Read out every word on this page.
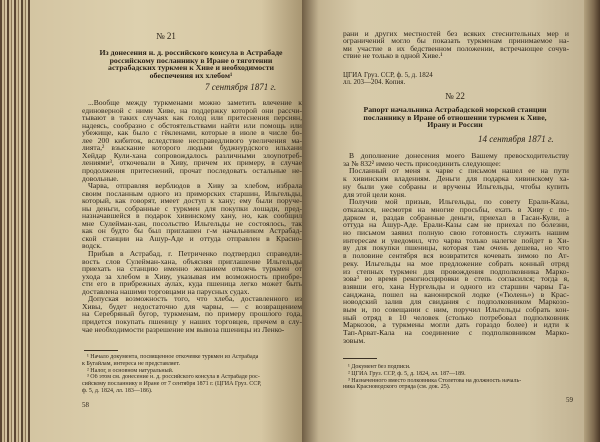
№ 21
Из донесения н. д. российского консула в Астрабаде
российскому посланнику в Иране о тяготении
астрабадских туркмен к Хиве и необходимости
обеспечения их хлебом¹
7 сентября 1871 г.
...Вообще между туркменами можно заметить влечение к
единоверной с ними Хиве, на поддержку которой они рассчи-
тывают в таких случаях как голод или притеснения персиян,
надеясь, сообразно с обстоятельствами найти или помощь или
убежище, как было с гёкленами, которые в июле в числе бо-
лее 200 кибиток, вследствие несправедливого увеличения ма-
лията,² взыскание которого людьми буджнурдского ильхани
Хейдар Кули-хана сопровождалось различными злоупотреб-
лениями³, откочевали в Хиву, причем их примеру, в случае
продолжения притеснений, прочат последовать остальные не-
довольные.
Чарва, отправляя верблюдов в Хиву за хлебом, избрала
своим посланным одного из приморских старшин, Ильгельды,
который, как говорят, имеет доступ к хану; ему были поруче-
ны деньги, собранные с туркмен для покупки лошади, пред-
назначавшейся в подарок хивинскому хану, но, как сообщил
мне Сулейман-хан, посольство Ильгельды не состоялось, так
как он будто бы был приглашен г-м начальником Астрабад-
ской станции на Ашур-Аде и оттуда отправлен в Красно-
водск.
Прибыв в Астрабад, г. Петриченко подтвердил справедли-
вость слов Сулейман-хана, объясняя приглашение Ильгельды
приехать на станцию именно желанием отвлечь туркмен от
ухода за хлебом в Хиву, указывая им возможность приобре-
сти его в прибрежных аулах, куда пшеница легко может быть
доставлена нашими торговцами на парусных судах.
Допуская возможность того, что хлеба, доставленного из
Хивы, будет недостаточно для чарвы, — с возвращением
на Серебряный бугор, туркменам, по примеру прошлого года,
придется покупать пшеницу у наших торговцев, причем в слу-
чае необходимости разрешение им вывоза пшеницы из Ленко-
¹ Начало документа, посвященное откочевке туркмен из Астрабада
к Бугайлам, интереса не представляет.
² Налог, в основном натуральный.
³ Об этом см. донесение н. д. российского консула в Астрабаде рос-
сийскому посланнику в Иране от 7 сентября 1871 г. (ЦГИА Груз. ССР,
ф. 5, д. 1824, лл. 183—186).
58
рани и других местностей без всяких стеснительных мер и
ограничений могло бы показать туркменам принимаемое на-
ми участие в их бедственном положении, встречающее сочув-
ствие не только в одной Хиве.¹
ЦГИА Груз. ССР, ф. 5, д. 1824
лл. 203—204. Копия.
№ 22
Рапорт начальника Астрабадской морской станции
посланнику в Иране об отношении туркмен к Хиве,
Ирану и России
14 сентября 1871 г.
В дополнение донесения моего Вашему превосходительству
за № 832² имею честь присоединить следующее:
Посланный от меня к чарве с письмом нашел ее на пути
к хивинским владениям. Деньги для подарка хивинскому ха-
ну были уже собраны и вручены Ильгельды, чтобы купить
для этой цели коня.
Получив мой призыв, Ильгельды, по совету Ерали-Казы,
отказался, несмотря на многие просьбы, ехать в Хиву с по-
дарком и, раздав собранные деньги, приехал в Гасан-Кули, а
оттуда на Ашур-Аде. Ерали-Казы сам не приехал по болезни,
но письмом заявил полную свою готовность служить нашим
интересам и уведомил, что чарва только налегке пойдет в Хи-
ву для покупки пшеницы, которая там очень дешева, но что
в половине сентября вся возвратится кочевать зимою по Ат-
реку. Ильгельды на мое предложение собрать конный отряд
из степных туркмен для провождения подполковника Марко-
зова³ во время рекогносцировки в степь согласился; тогда я,
взявши его, хана Нургельды и одного из старшин чарвы Га-
санджана, пошел на канонирской лодке («Тюлень») в Крас-
новодский залив для свидания с подполковником Маркозо-
вым и, по совещании с ним, поручил Ильгельды собрать кон-
ный отряд в 10 человек (столько потребовал подполковник
Маркозов, а туркмены могли дать гораздо более) и идти к
Тап-Арват-Кала на соединение с подполковником Марко-
зовым.
¹ Документ без подписи.
² ЦГИА Груз. ССР, ф. 5, д. 1824, лл. 187—189.
³ Назначенного вместо полковника Столетова на должность началь-
ника Красноводского отряда (см. док. 25).
59
